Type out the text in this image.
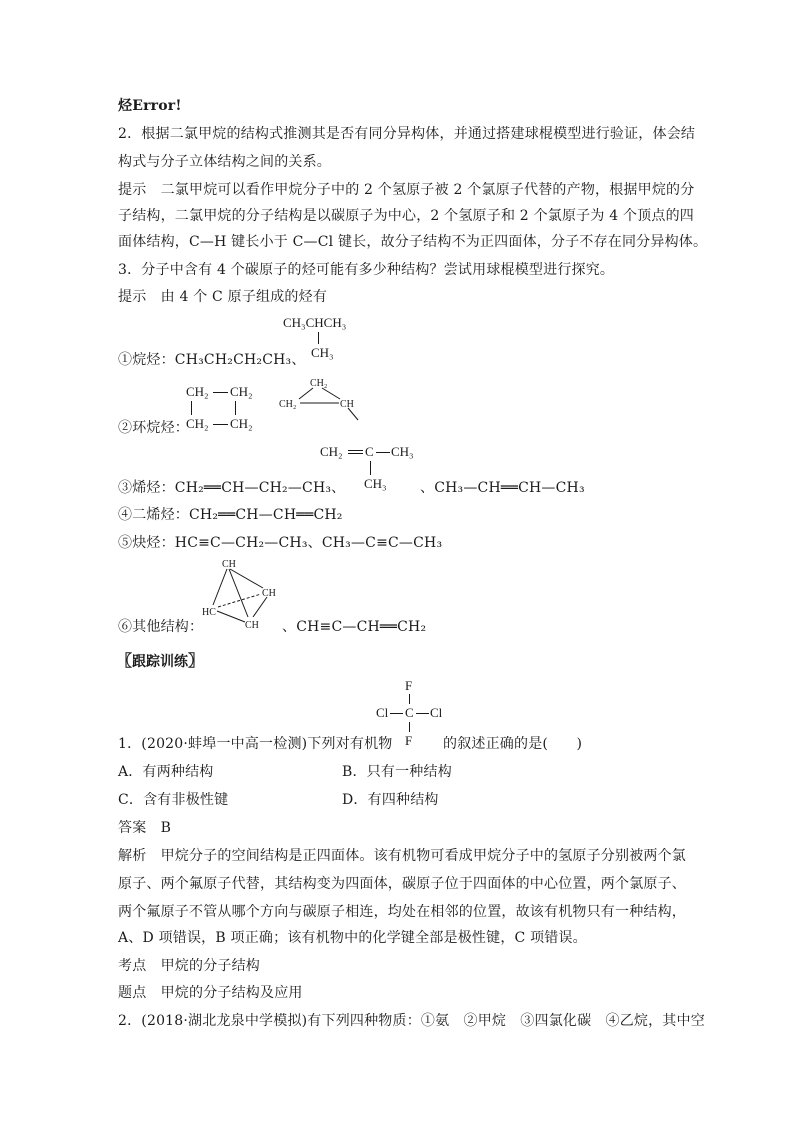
烃Error!
2．根据二氯甲烷的结构式推测其是否有同分异构体，并通过搭建球棍模型进行验证，体会结
构式与分子立体结构之间的关系。
提示　二氯甲烷可以看作甲烷分子中的 2 个氢原子被 2 个氯原子代替的产物，根据甲烷的分
子结构，二氯甲烷的分子结构是以碳原子为中心，2 个氢原子和 2 个氯原子为 4 个顶点的四
面体结构，C—H 键长小于 C—Cl 键长，故分子结构不为正四面体，分子不存在同分异构体。
3．分子中含有 4 个碳原子的烃可能有多少种结构？尝试用球棍模型进行探究。
提示　由 4 个 C 原子组成的烃有
CH₃CHCH₃
CH₃
①烷烃：CH₃CH₂CH₂CH₃、
CH₂ CH₂
CH₂ CH₂
CH₂
CH₂	CH
②环烷烃：
CH₂ C CH₃
CH₃
③烯烃：CH₂══CH—CH₂—CH₃、	、CH₃—CH══CH—CH₃
④二烯烃：CH₂══CH—CH══CH₂
⑤炔烃：HC≡C—CH₂—CH₃、CH₃—C≡C—CH₃
CH
CH
HC
CH
⑥其他结构：	、CH≡C—CH══CH₂
〖跟踪训练〗
F
Cl C Cl
F
1．(2020·蚌埠一中高一检测)下列对有机物	的叙述正确的是(　　)
A．有两种结构	B．只有一种结构
C．含有非极性键	D．有四种结构
答案　B
解析　甲烷分子的空间结构是正四面体。该有机物可看成甲烷分子中的氢原子分别被两个氯
原子、两个氟原子代替，其结构变为四面体，碳原子位于四面体的中心位置，两个氯原子、
两个氟原子不管从哪个方向与碳原子相连，均处在相邻的位置，故该有机物只有一种结构，
A、D 项错误，B 项正确；该有机物中的化学键全部是极性键，C 项错误。
考点　甲烷的分子结构
题点　甲烷的分子结构及应用
2．(2018·湖北龙泉中学模拟)有下列四种物质：①氨　②甲烷　③四氯化碳　④乙烷，其中空
